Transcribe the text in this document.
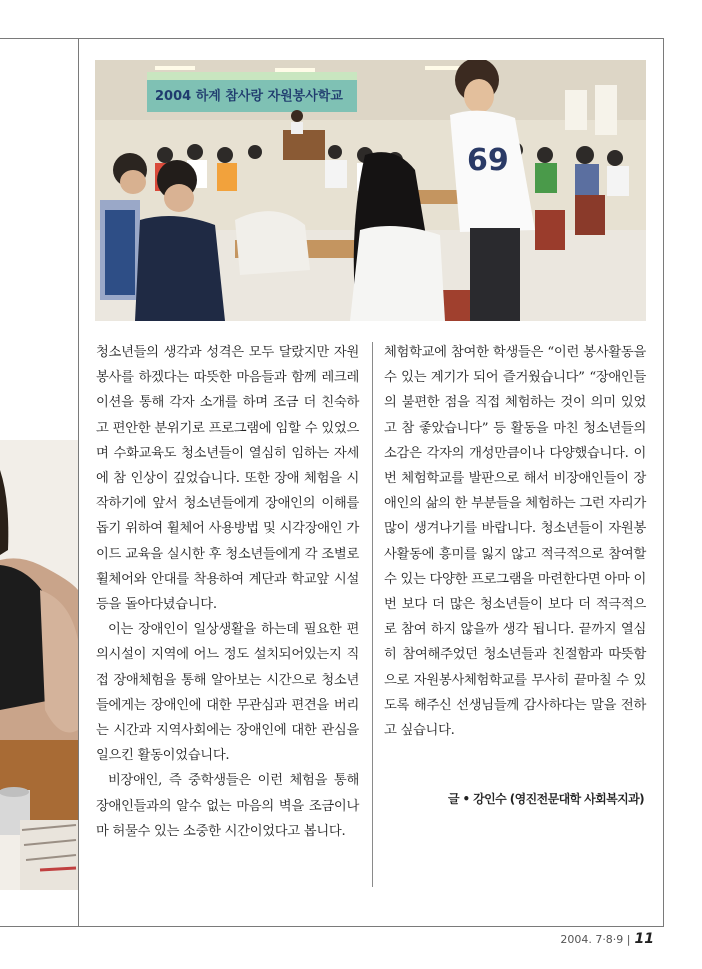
2004 하계 참사랑 자원봉사학교
69

청소년들의 생각과 성격은 모두 달랐지만 자원봉사를 하겠다는 따뜻한 마음들과 함께 레크레이션을 통해 각자 소개를 하며 조금 더 친숙하고 편안한 분위기로 프로그램에 임할 수 있었으며 수화교육도 청소년들이 열심히 임하는 자세에 참 인상이 깊었습니다. 또한 장애 체험을 시작하기에 앞서 청소년들에게 장애인의 이해를 돕기 위하여 휠체어 사용방법 및 시각장애인 가이드 교육을 실시한 후 청소년들에게 각 조별로 휠체어와 안대를 착용하여 계단과 학교앞 시설 등을 돌아다녔습니다.

이는 장애인이 일상생활을 하는데 필요한 편의시설이 지역에 어느 정도 설치되어있는지 직접 장애체험을 통해 알아보는 시간으로 청소년들에게는 장애인에 대한 무관심과 편견을 버리는 시간과 지역사회에는 장애인에 대한 관심을 일으킨 활동이었습니다.

비장애인, 즉 중학생들은 이런 체험을 통해 장애인들과의 알수 없는 마음의 벽을 조금이나마 허물수 있는 소중한 시간이었다고 봅니다.

체험학교에 참여한 학생들은 “이런 봉사활동을 수 있는 계기가 되어 즐거웠습니다” “장애인들의 불편한 점을 직접 체험하는 것이 의미 있었고 참 좋았습니다” 등 활동을 마친 청소년들의 소감은 각자의 개성만큼이나 다양했습니다. 이번 체험학교를 발판으로 해서 비장애인들이 장애인의 삶의 한 부분들을 체험하는 그런 자리가 많이 생겨나기를 바랍니다. 청소년들이 자원봉사활동에 흥미를 잃지 않고 적극적으로 참여할 수 있는 다양한 프로그램을 마련한다면 아마 이번 보다 더 많은 청소년들이 보다 더 적극적으로 참여 하지 않을까 생각 됩니다. 끝까지 열심히 참여해주었던 청소년들과 친절함과 따뜻함으로 자원봉사체험학교를 무사히 끝마칠 수 있도록 해주신 선생님들께 감사하다는 말을 전하고 싶습니다.

글 • 강인수 (영진전문대학 사회복지과)
2004. 7·8·9 | 11
